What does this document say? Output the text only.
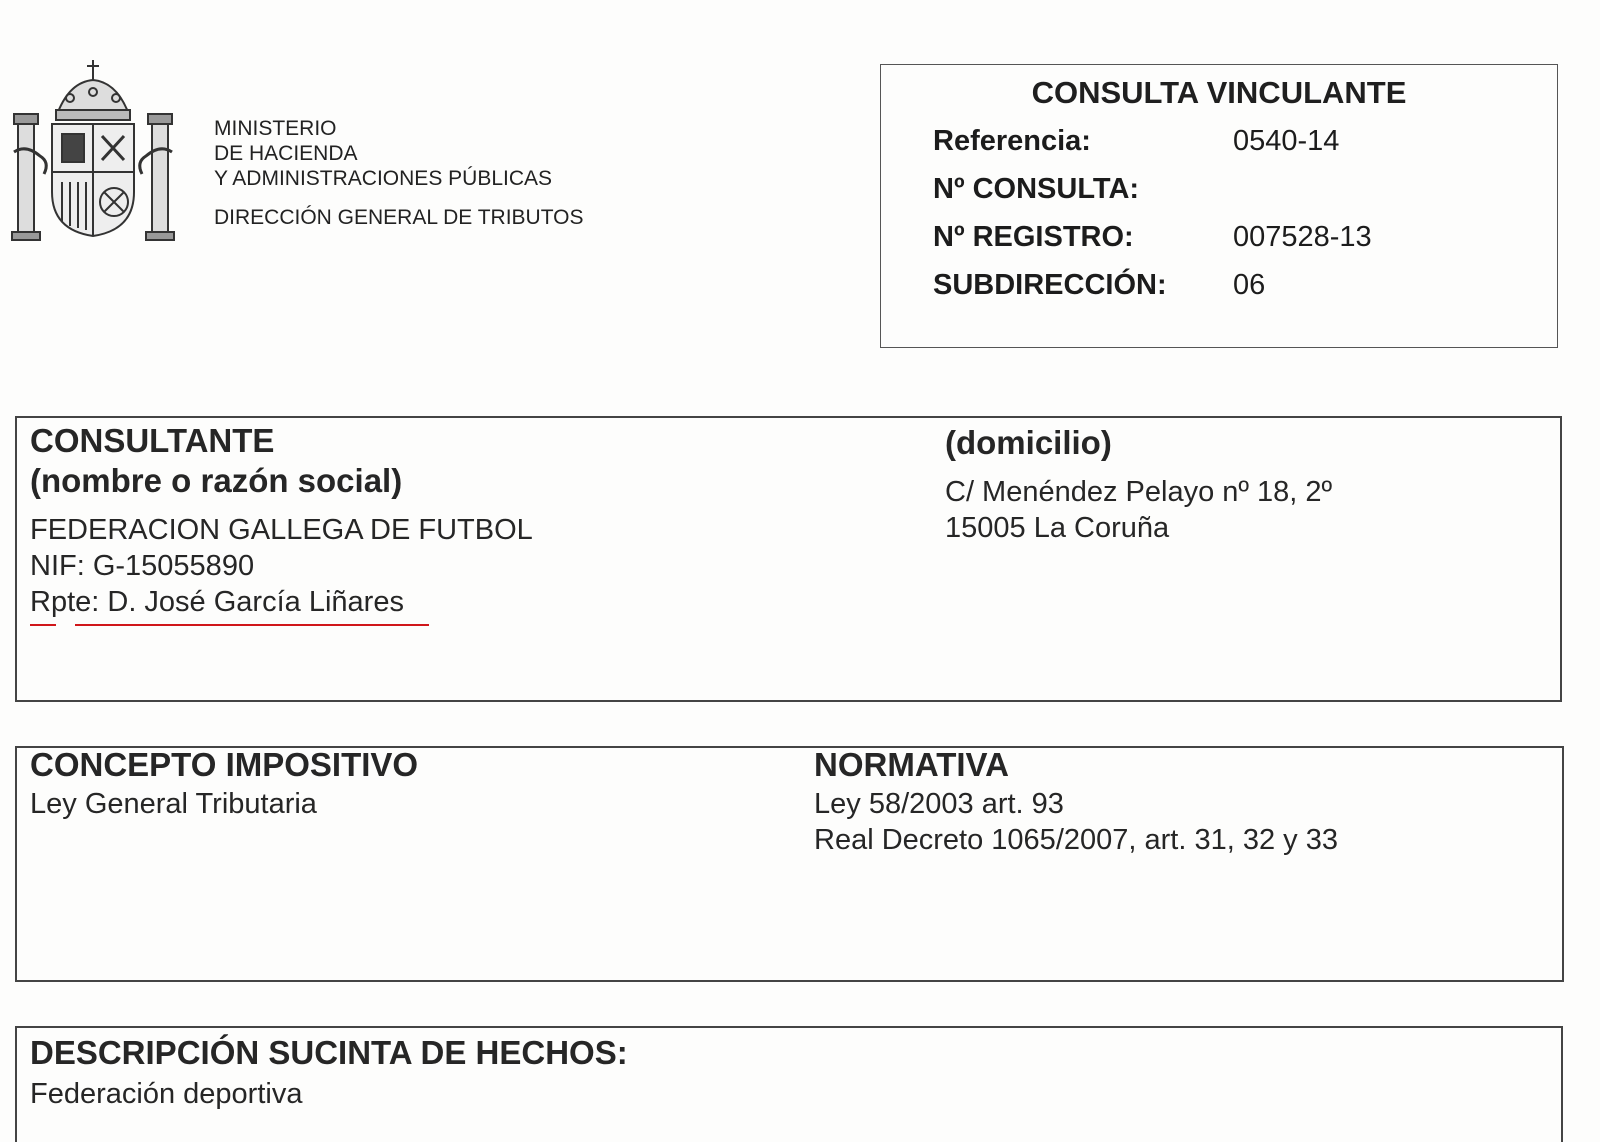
MINISTERIO
DE HACIENDA
Y ADMINISTRACIONES PÚBLICAS
DIRECCIÓN GENERAL DE TRIBUTOS
CONSULTA VINCULANTE
Referencia:	0540-14
Nº CONSULTA:
Nº REGISTRO:	007528-13
SUBDIRECCIÓN: 06
CONSULTANTE
(nombre o razón social)
FEDERACION GALLEGA DE FUTBOL
NIF: G-15055890
Rpte: D. José García Liñares
(domicilio)
C/ Menéndez Pelayo nº 18, 2º
15005 La Coruña
CONCEPTO IMPOSITIVO
Ley General Tributaria
NORMATIVA
Ley 58/2003 art. 93
Real Decreto 1065/2007, art. 31, 32 y 33
DESCRIPCIÓN SUCINTA DE HECHOS:
Federación deportiva
